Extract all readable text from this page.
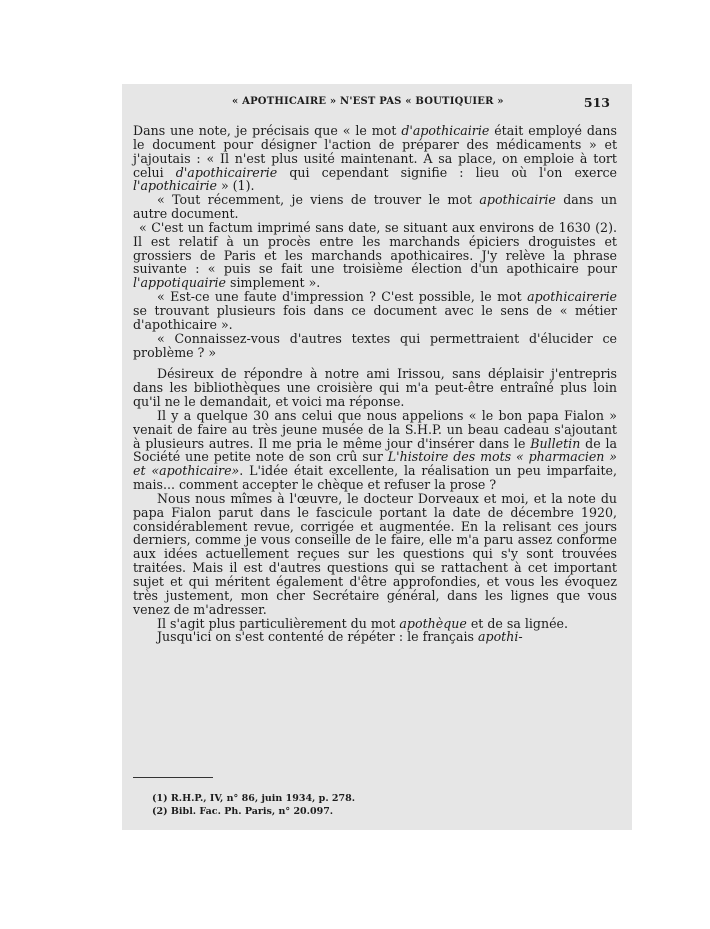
« APOTHICAIRE » N'EST PAS « BOUTIQUIER »	513

Dans une note, je précisais que « le mot d'apothicairie était employé dans le document pour désigner l'action de préparer des médicaments » et j'ajoutais : « Il n'est plus usité maintenant. A sa place, on emploie à tort celui d'apothicairerie qui cependant signifie : lieu où l'on exerce l'apothicairie » (1).

« Tout récemment, je viens de trouver le mot apothicairie dans un autre document.

« C'est un factum imprimé sans date, se situant aux environs de 1630 (2). Il est relatif à un procès entre les marchands épiciers droguistes et grossiers de Paris et les marchands apothicaires. J'y relève la phrase suivante : « puis se fait une troisième élection d'un apothicaire pour l'appotiquairie simplement ».

« Est-ce une faute d'impression ? C'est possible, le mot apothicairerie se trouvant plusieurs fois dans ce document avec le sens de « métier d'apothicaire ».

« Connaissez-vous d'autres textes qui permettraient d'élucider ce problème ? »

Désireux de répondre à notre ami Irissou, sans déplaisir j'entrepris dans les bibliothèques une croisière qui m'a peut-être entraîné plus loin qu'il ne le demandait, et voici ma réponse.

Il y a quelque 30 ans celui que nous appelions « le bon papa Fialon » venait de faire au très jeune musée de la S.H.P. un beau cadeau s'ajoutant à plusieurs autres. Il me pria le même jour d'insérer dans le Bulletin de la Société une petite note de son crû sur L'histoire des mots « pharmacien » et «apothicaire». L'idée était excellente, la réalisation un peu imparfaite, mais... comment accepter le chèque et refuser la prose ?

Nous nous mîmes à l'œuvre, le docteur Dorveaux et moi, et la note du papa Fialon parut dans le fascicule portant la date de décembre 1920, considérablement revue, corrigée et augmentée. En la relisant ces jours derniers, comme je vous conseille de le faire, elle m'a paru assez conforme aux idées actuellement reçues sur les questions qui s'y sont trouvées traitées. Mais il est d'autres questions qui se rattachent à cet important sujet et qui méritent également d'être approfondies, et vous les évoquez très justement, mon cher Secrétaire général, dans les lignes que vous venez de m'adresser.

Il s'agit plus particulièrement du mot apothèque et de sa lignée.

Jusqu'ici on s'est contenté de répéter : le français apothi-

(1) R.H.P., IV, n° 86, juin 1934, p. 278.
(2) Bibl. Fac. Ph. Paris, n° 20.097.
